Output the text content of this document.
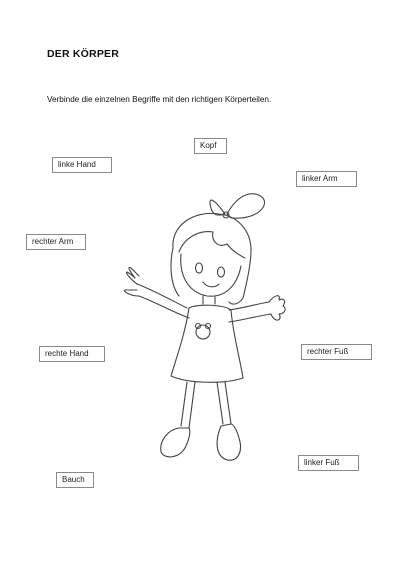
DER KÖRPER
Verbinde die einzelnen Begriffe mit den richtigen Körperteilen.
Kopf
linke Hand
linker Arm
rechter Arm
rechte Hand	rechter Fuß
linker Fuß
Bauch
